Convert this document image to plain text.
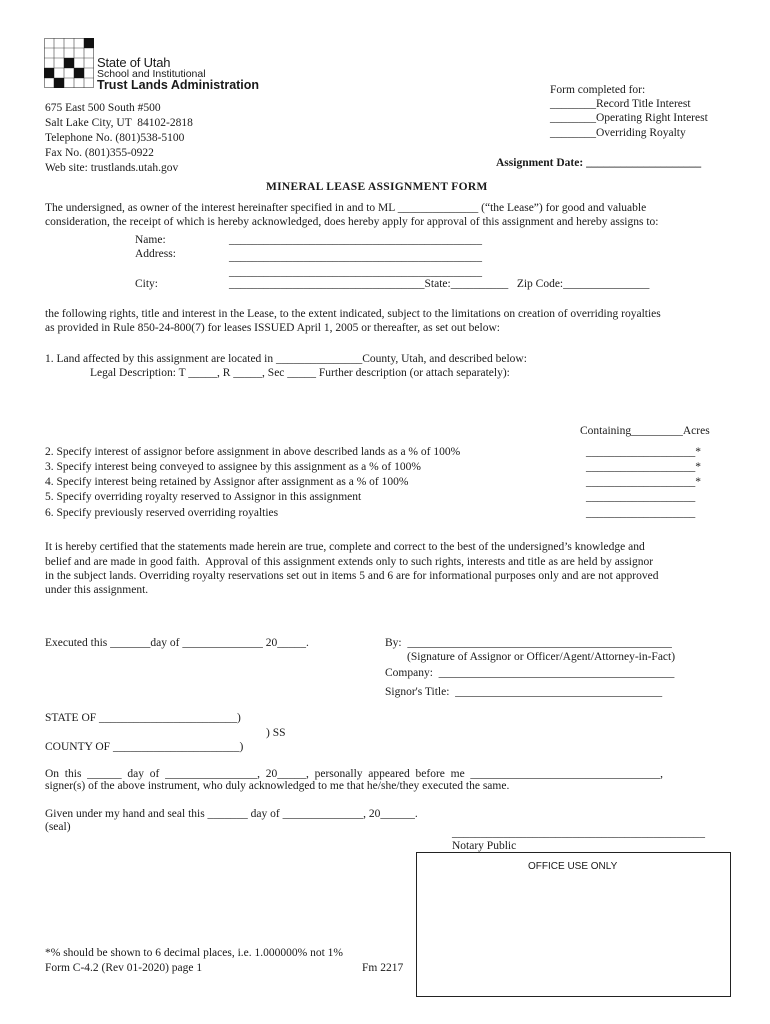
State of Utah
School and Institutional
Trust Lands Administration
675 East 500 South #500
Salt Lake City, UT  84102-2818
Telephone No. (801)538-5100
Fax No. (801)355-0922
Web site: trustlands.utah.gov
Form completed for:
________Record Title Interest
________Operating Right Interest
________Overriding Royalty
Assignment Date: ____________________
MINERAL LEASE ASSIGNMENT FORM
The undersigned, as owner of the interest hereinafter specified in and to ML ______________ (“the Lease”) for good and valuable
consideration, the receipt of which is hereby acknowledged, does hereby apply for approval of this assignment and hereby assigns to:
Name:	____________________________________________
Address:	____________________________________________
____________________________________________
City:	__________________________________State:__________   Zip Code:_______________
the following rights, title and interest in the Lease, to the extent indicated, subject to the limitations on creation of overriding royalties
as provided in Rule 850-24-800(7) for leases ISSUED April 1, 2005 or thereafter, as set out below:
1. Land affected by this assignment are located in _______________County, Utah, and described below:
Legal Description: T _____, R _____, Sec _____ Further description (or attach separately):
Containing_________Acres
2. Specify interest of assignor before assignment in above described lands as a % of 100%	___________________*
3. Specify interest being conveyed to assignee by this assignment as a % of 100%	___________________*
4. Specify interest being retained by Assignor after assignment as a % of 100%	___________________*
5. Specify overriding royalty reserved to Assignor in this assignment	___________________
6. Specify previously reserved overriding royalties	___________________
It is hereby certified that the statements made herein are true, complete and correct to the best of the undersigned’s knowledge and
belief and are made in good faith.  Approval of this assignment extends only to such rights, interests and title as are held by assignor
in the subject lands. Overriding royalty reservations set out in items 5 and 6 are for informational purposes only and are not approved
under this assignment.
Executed this _______day of ______________ 20_____.	By:  ______________________________________________
(Signature of Assignor or Officer/Agent/Attorney-in-Fact)
Company:  _________________________________________
Signor's Title:  ____________________________________
STATE OF ________________________)
) SS
COUNTY OF ______________________)
On  this  ______  day  of  ________________,  20_____,  personally  appeared  before  me  _________________________________,
signer(s) of the above instrument, who duly acknowledged to me that he/she/they executed the same.
Given under my hand and seal this _______ day of ______________, 20______.
(seal)	____________________________________________
Notary Public
OFFICE USE ONLY
*% should be shown to 6 decimal places, i.e. 1.000000% not 1%
Form C-4.2 (Rev 01-2020) page 1	Fm 2217
